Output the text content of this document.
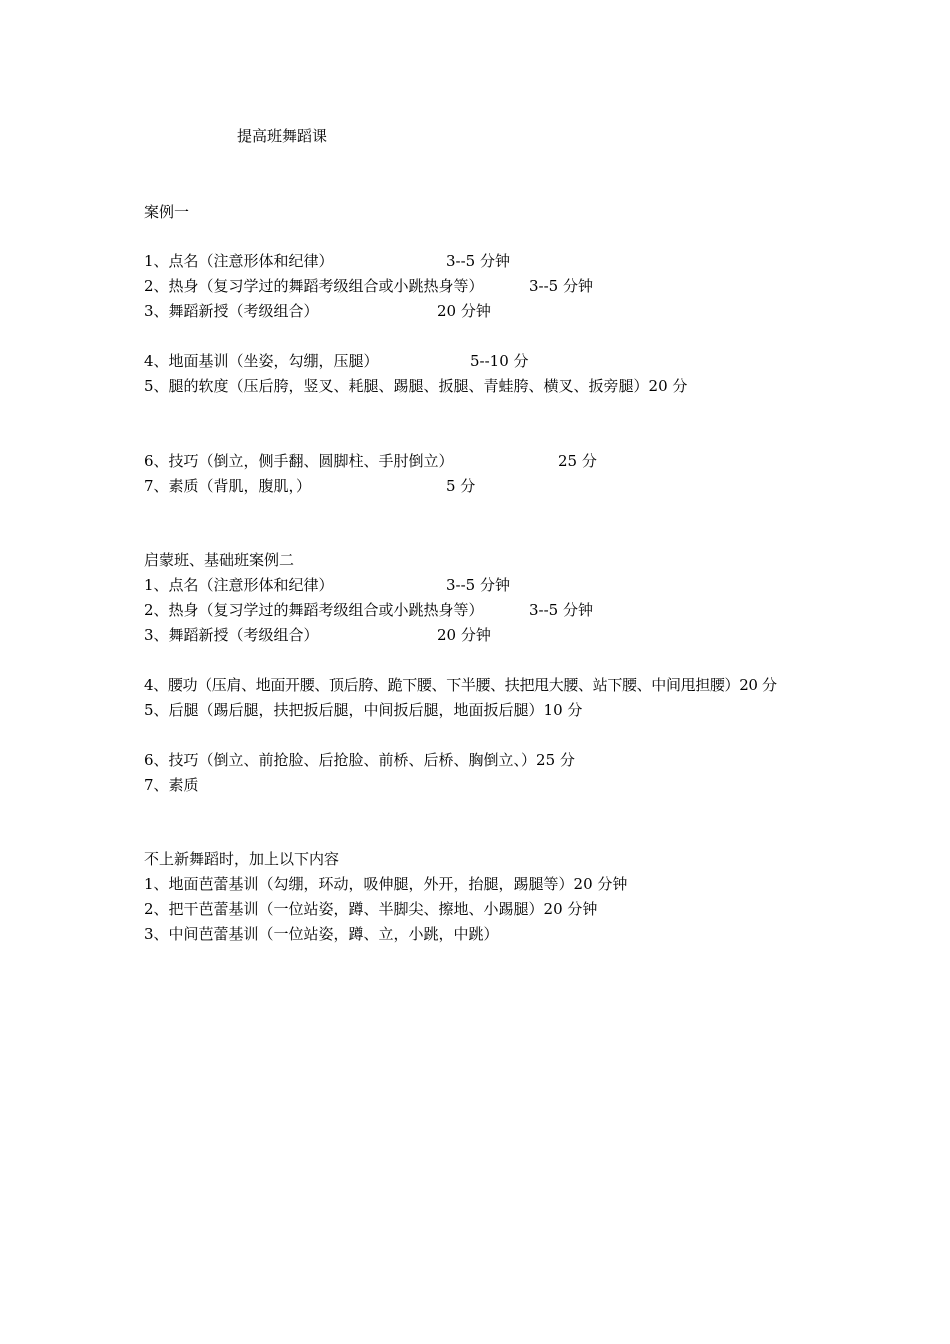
提高班舞蹈课
案例一
1、点名（注意形体和纪律）	3--5 分钟
2、热身（复习学过的舞蹈考级组合或小跳热身等）	3--5 分钟
3、舞蹈新授（考级组合）	20 分钟
4、地面基训（坐姿，勾绷，压腿）	5--10 分
5、腿的软度（压后胯，竖叉、耗腿、踢腿、扳腿、青蛙胯、横叉、扳旁腿）20 分
6、技巧（倒立，侧手翻、圆脚柱、手肘倒立）	25 分
7、素质（背肌，腹肌，）	5 分
启蒙班、基础班案例二
1、点名（注意形体和纪律）	3--5 分钟
2、热身（复习学过的舞蹈考级组合或小跳热身等）	3--5 分钟
3、舞蹈新授（考级组合）	20 分钟
4、腰功（压肩、地面开腰、顶后胯、跪下腰、下半腰、扶把甩大腰、站下腰、中间甩担腰）20 分
5、后腿（踢后腿，扶把扳后腿，中间扳后腿，地面扳后腿）10 分
6、技巧（倒立、前抢脸、后抢脸、前桥、后桥、胸倒立、）25 分
7、素质
不上新舞蹈时，加上以下内容
1、地面芭蕾基训（勾绷，环动，吸伸腿，外开，抬腿，踢腿等）20 分钟
2、把干芭蕾基训（一位站姿，蹲、半脚尖、擦地、小踢腿）20 分钟
3、中间芭蕾基训（一位站姿，蹲、立，小跳，中跳）
